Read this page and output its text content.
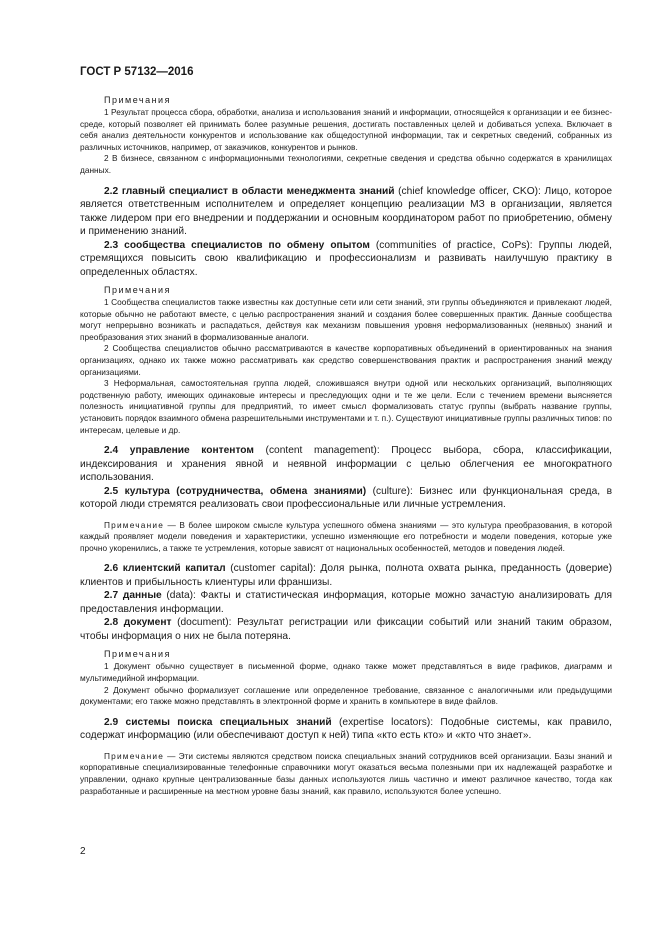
ГОСТ Р 57132—2016
Примечания

1 Результат процесса сбора, обработки, анализа и использования знаний и информации, относящейся к организации и ее бизнес-среде, который позволяет ей принимать более разумные решения, достигать поставленных целей и добиваться успеха. Включает в себя анализ деятельности конкурентов и использование как общедоступной информации, так и секретных сведений, собранных из различных источников, например, от заказчиков, конкурентов и рынков.

2 В бизнесе, связанном с информационными технологиями, секретные сведения и средства обычно содержатся в хранилищах данных.

2.2 главный специалист в области менеджмента знаний (chief knowledge officer, CKO): Лицо, которое является ответственным исполнителем и определяет концепцию реализации МЗ в организации, является также лидером при его внедрении и поддержании и основным координатором работ по приобретению, обмену и применению знаний.

2.3 сообщества специалистов по обмену опытом (communities of practice, CoPs): Группы людей, стремящихся повысить свою квалификацию и профессионализм и развивать наилучшую практику в определенных областях.

Примечания

1 Сообщества специалистов также известны как доступные сети или сети знаний, эти группы объединяются и привлекают людей, которые обычно не работают вместе, с целью распространения знаний и создания более совершенных практик. Данные сообщества могут непрерывно возникать и распадаться, действуя как механизм повышения уровня неформализованных (неявных) знаний и преобразования этих знаний в формализованные аналоги.

2 Сообщества специалистов обычно рассматриваются в качестве корпоративных объединений в ориентированных на знания организациях, однако их также можно рассматривать как средство совершенствования практик и распространения знаний между организациями.

3 Неформальная, самостоятельная группа людей, сложившаяся внутри одной или нескольких организаций, выполняющих родственную работу, имеющих одинаковые интересы и преследующих одни и те же цели. Если с течением времени выясняется полезность инициативной группы для предприятий, то имеет смысл формализовать статус группы (выбрать название группы, установить порядок взаимного обмена разрешительными инструментами и т. п.). Существуют инициативные группы различных типов: по интересам, целевые и др.

2.4 управление контентом (content management): Процесс выбора, сбора, классификации, индексирования и хранения явной и неявной информации с целью облегчения ее многократного использования.

2.5 культура (сотрудничества, обмена знаниями) (culture): Бизнес или функциональная среда, в которой люди стремятся реализовать свои профессиональные или личные устремления.

Примечание — В более широком смысле культура успешного обмена знаниями — это культура преобразования, в которой каждый проявляет модели поведения и характеристики, успешно изменяющие его потребности и модели поведения, которые уже прочно укоренились, а также те устремления, которые зависят от национальных особенностей, методов и поведения людей.

2.6 клиентский капитал (customer capital): Доля рынка, полнота охвата рынка, преданность (доверие) клиентов и прибыльность клиентуры или франшизы.

2.7 данные (data): Факты и статистическая информация, которые можно зачастую анализировать для предоставления информации.

2.8 документ (document): Результат регистрации или фиксации событий или знаний таким образом, чтобы информация о них не была потеряна.

Примечания

1 Документ обычно существует в письменной форме, однако также может представляться в виде графиков, диаграмм и мультимедийной информации.

2 Документ обычно формализует соглашение или определенное требование, связанное с аналогичными или предыдущими документами; его также можно представлять в электронной форме и хранить в компьютере в виде файлов.

2.9 системы поиска специальных знаний (expertise locators): Подобные системы, как правило, содержат информацию (или обеспечивают доступ к ней) типа «кто есть кто» и «кто что знает».

Примечание — Эти системы являются средством поиска специальных знаний сотрудников всей организации. Базы знаний и корпоративные специализированные телефонные справочники могут оказаться весьма полезными при их надлежащей разработке и управлении, однако крупные централизованные базы данных используются лишь частично и имеют различное качество, тогда как разработанные и расширенные на местном уровне базы знаний, как правило, используются более успешно.

2
